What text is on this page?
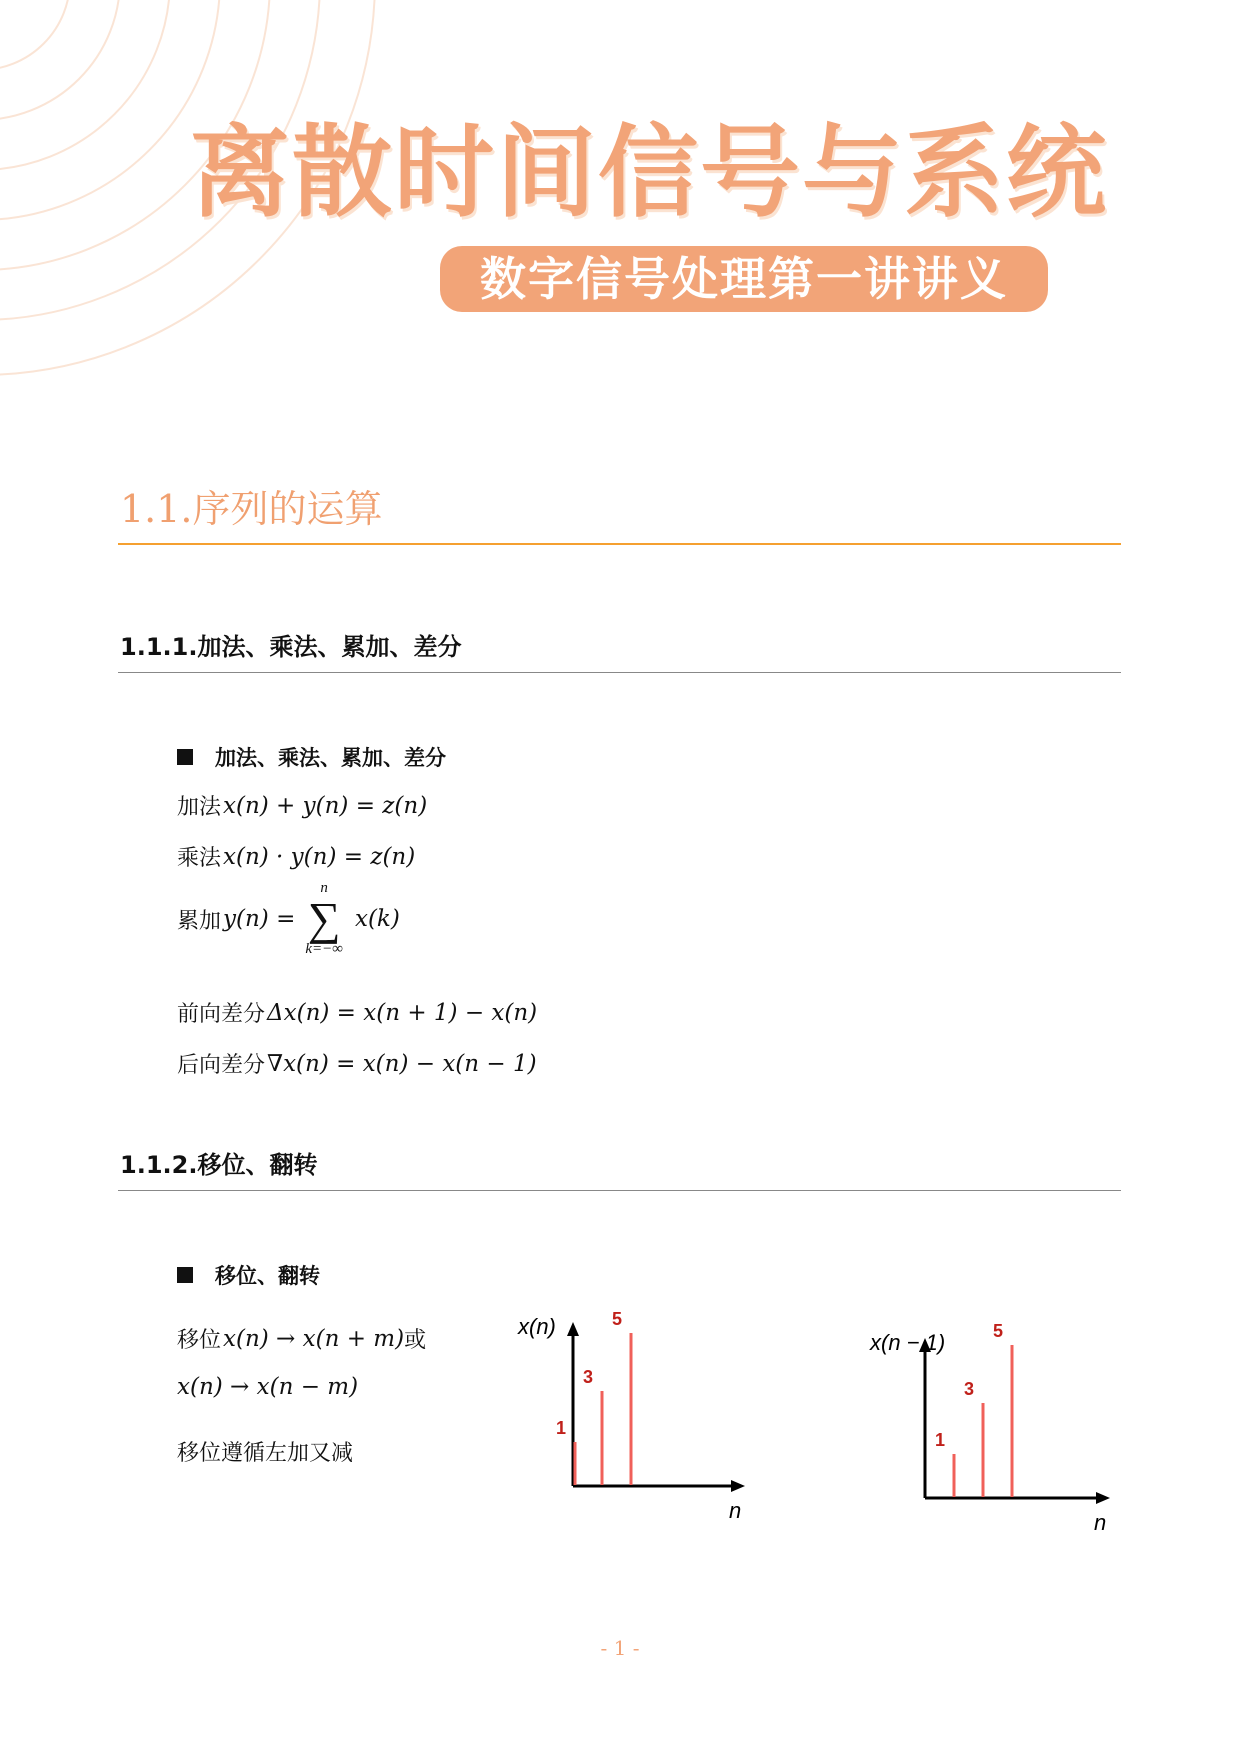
离散时间信号与系统
数字信号处理第一讲讲义
1.1.序列的运算
1.1.1.加法、乘法、累加、差分
加法、乘法、累加、差分
加法 x(n) + y(n) = z(n)
乘法 x(n) · y(n) = z(n)
累加 y(n) =
n
∑
k=−∞
x(k)
前向差分 Δx(n) = x(n + 1) − x(n)
后向差分 ∇x(n) = x(n) − x(n − 1)
1.1.2.移位、翻转
移位、翻转
移位 x(n) → x(n + m) 或
x(n) → x(n − m)
移位遵循左加又减
x(n)
n
1
3
5
x(n − 1)
n
1
3
5
- 1 -
